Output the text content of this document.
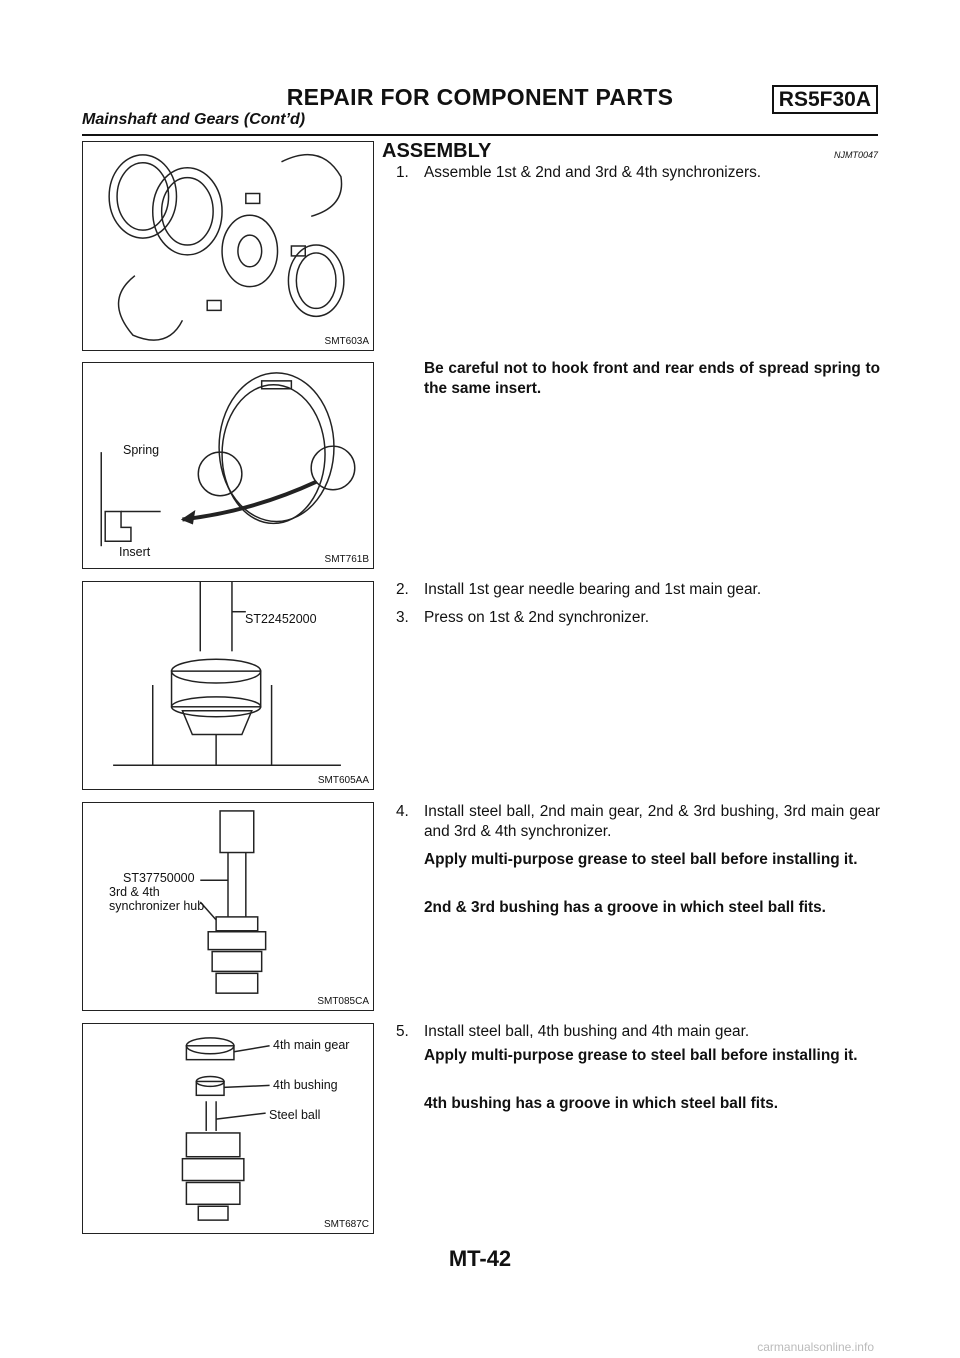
REPAIR FOR COMPONENT PARTS	RS5F30A
Mainshaft and Gears (Cont’d)
SMT603A
Spring
Insert
SMT761B
ST22452000
SMT605AA
ST37750000
3rd & 4th
synchronizer hub
SMT085CA
4th main gear
4th bushing
Steel ball
SMT687C
ASSEMBLY	NJMT0047
1. Assemble 1st & 2nd and 3rd & 4th synchronizers.
Be careful not to hook front and rear ends of spread spring to the same insert.
2. Install 1st gear needle bearing and 1st main gear.
3. Press on 1st & 2nd synchronizer.
4. Install steel ball, 2nd main gear, 2nd & 3rd bushing, 3rd main gear and 3rd & 4th synchronizer.
Apply multi-purpose grease to steel ball before installing it.
2nd & 3rd bushing has a groove in which steel ball fits.
5. Install steel ball, 4th bushing and 4th main gear.
Apply multi-purpose grease to steel ball before installing it.
4th bushing has a groove in which steel ball fits.
MT-42
carmanualsonline.info
